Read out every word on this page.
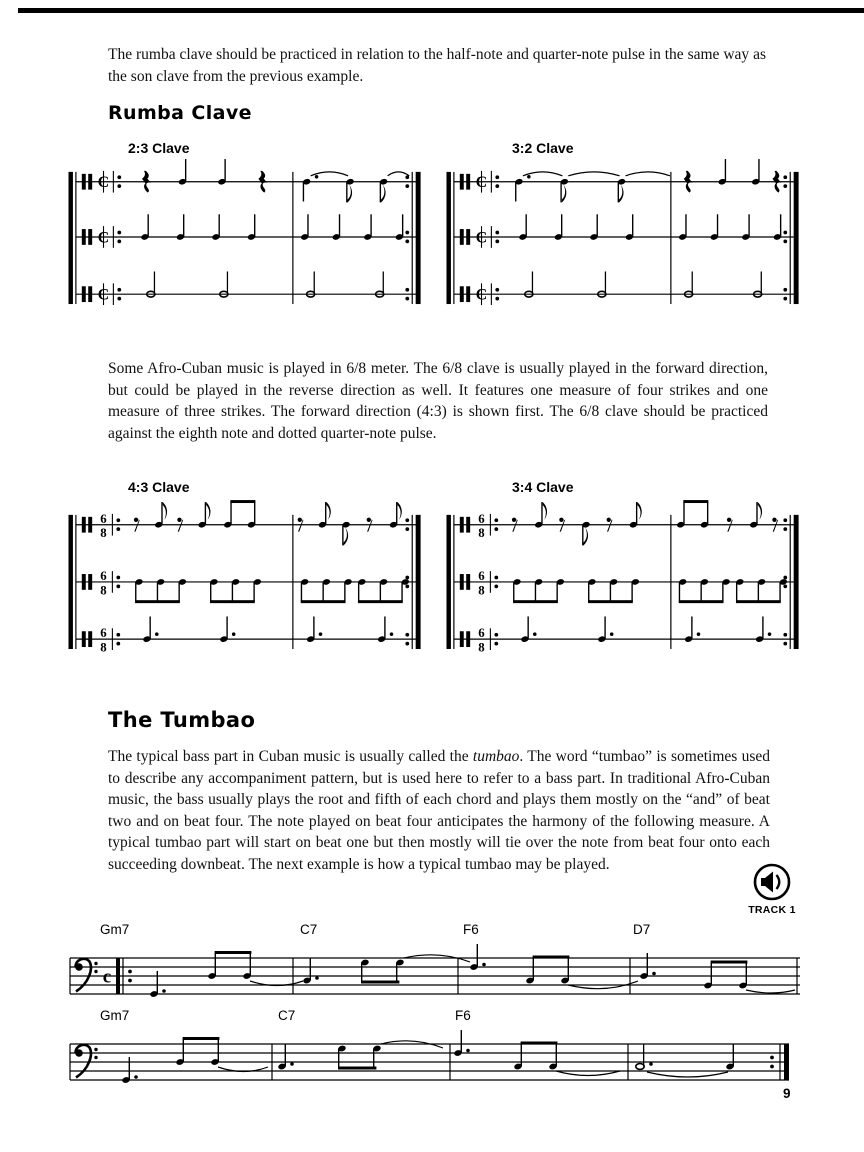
The rumba clave should be practiced in relation to the half-note and quarter-note pulse in the same way as the son clave from the previous example.

Rumba Clave
2:3 Clave	3:2 Clave

Some Afro-Cuban music is played in 6/8 meter. The 6/8 clave is usually played in the forward direction, but could be played in the reverse direction as well. It features one measure of four strikes and one measure of three strikes. The forward direction (4:3) is shown first. The 6/8 clave should be practiced against the eighth note and dotted quarter-note pulse.

4:3 Clave	3:4 Clave
The Tumbao

The typical bass part in Cuban music is usually called the tumbao. The word “tumbao” is sometimes used to describe any accompaniment pattern, but is used here to refer to a bass part. In traditional Afro-Cuban music, the bass usually plays the root and fifth of each chord and plays them mostly on the “and” of beat two and on beat four. The note played on beat four anticipates the harmony of the following measure. A typical tumbao part will start on beat one but then mostly will tie over the note from beat four onto each succeeding downbeat. The next example is how a typical tumbao may be played.

TRACK 1
Gm7	C7	F6	D7
c
Gm7	C7	F6
9
